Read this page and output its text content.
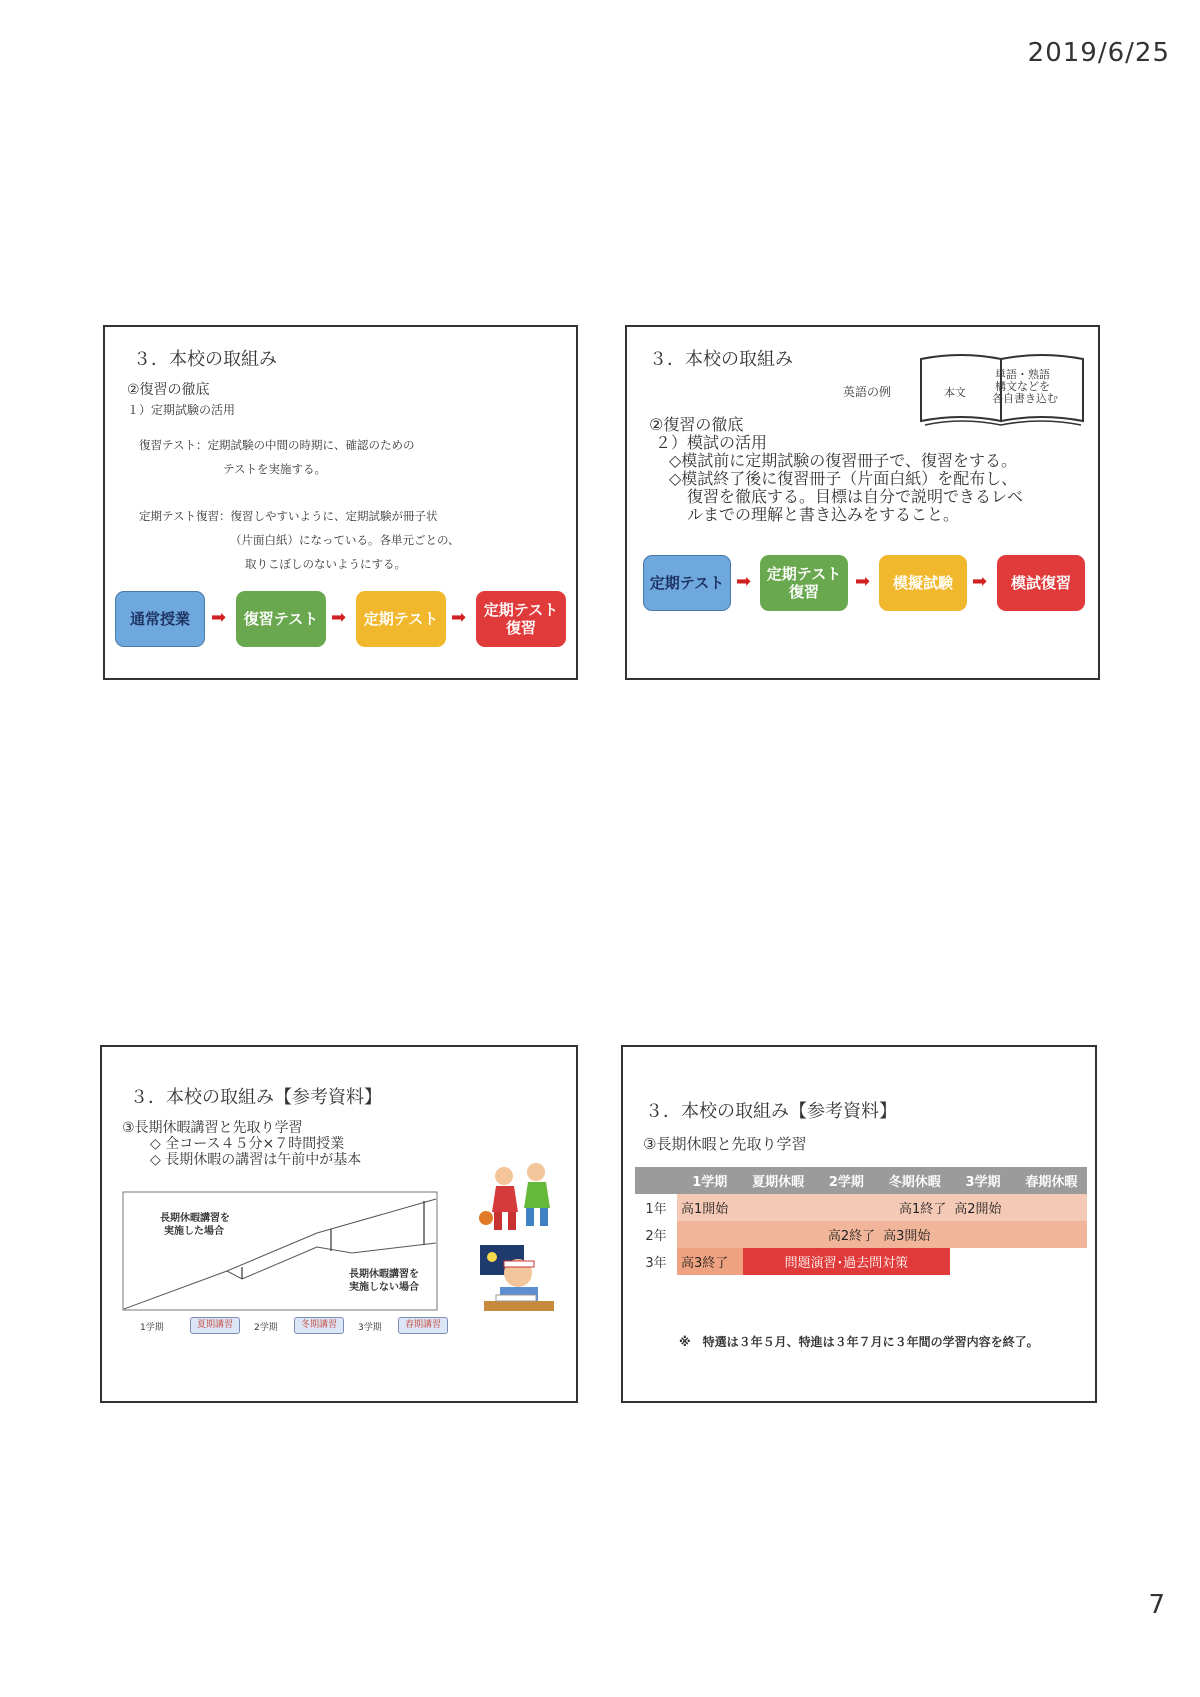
2019/6/25
３．本校の取組み
②復習の徹底
１）定期試験の活用
復習テスト：定期試験の中間の時期に、確認のための
テストを実施する。
定期テスト復習：復習しやすいように、定期試験が冊子状
（片面白紙）になっている。各単元ごとの、
取りこぼしのないようにする。
通常授業	➡	復習テスト ➡	定期テスト ➡	定期テスト
復習
３．本校の取組み
英語の例	本文
単語・熟語
構文などを
各自書き込む
②復習の徹底
２）模試の活用
◇模試前に定期試験の復習冊子で、復習をする。
◇模試終了後に復習冊子（片面白紙）を配布し、
復習を徹底する。目標は自分で説明できるレベ
ルまでの理解と書き込みをすること。
定期テスト ➡	定期テスト
復習	➡	模擬試験	➡	模試復習
３．本校の取組み【参考資料】
③長期休暇講習と先取り学習
◇ 全コース４５分×７時間授業
◇ 長期休暇の講習は午前中が基本
長期休暇講習を
実施した場合
長期休暇講習を
実施しない場合
1学期	夏期講習	2学期	冬期講習	3学期	春期講習
３．本校の取組み【参考資料】
③長期休暇と先取り学習
	1学期	夏期休暇	2学期	冬期休暇	3学期	春期休暇
1年	高1開始			高1終了	高2開始	
2年			高2終了	高3開始		
3年	高3終了	問題演習･過去問対策				
※　特選は３年５月、特進は３年７月に３年間の学習内容を終了。
7
